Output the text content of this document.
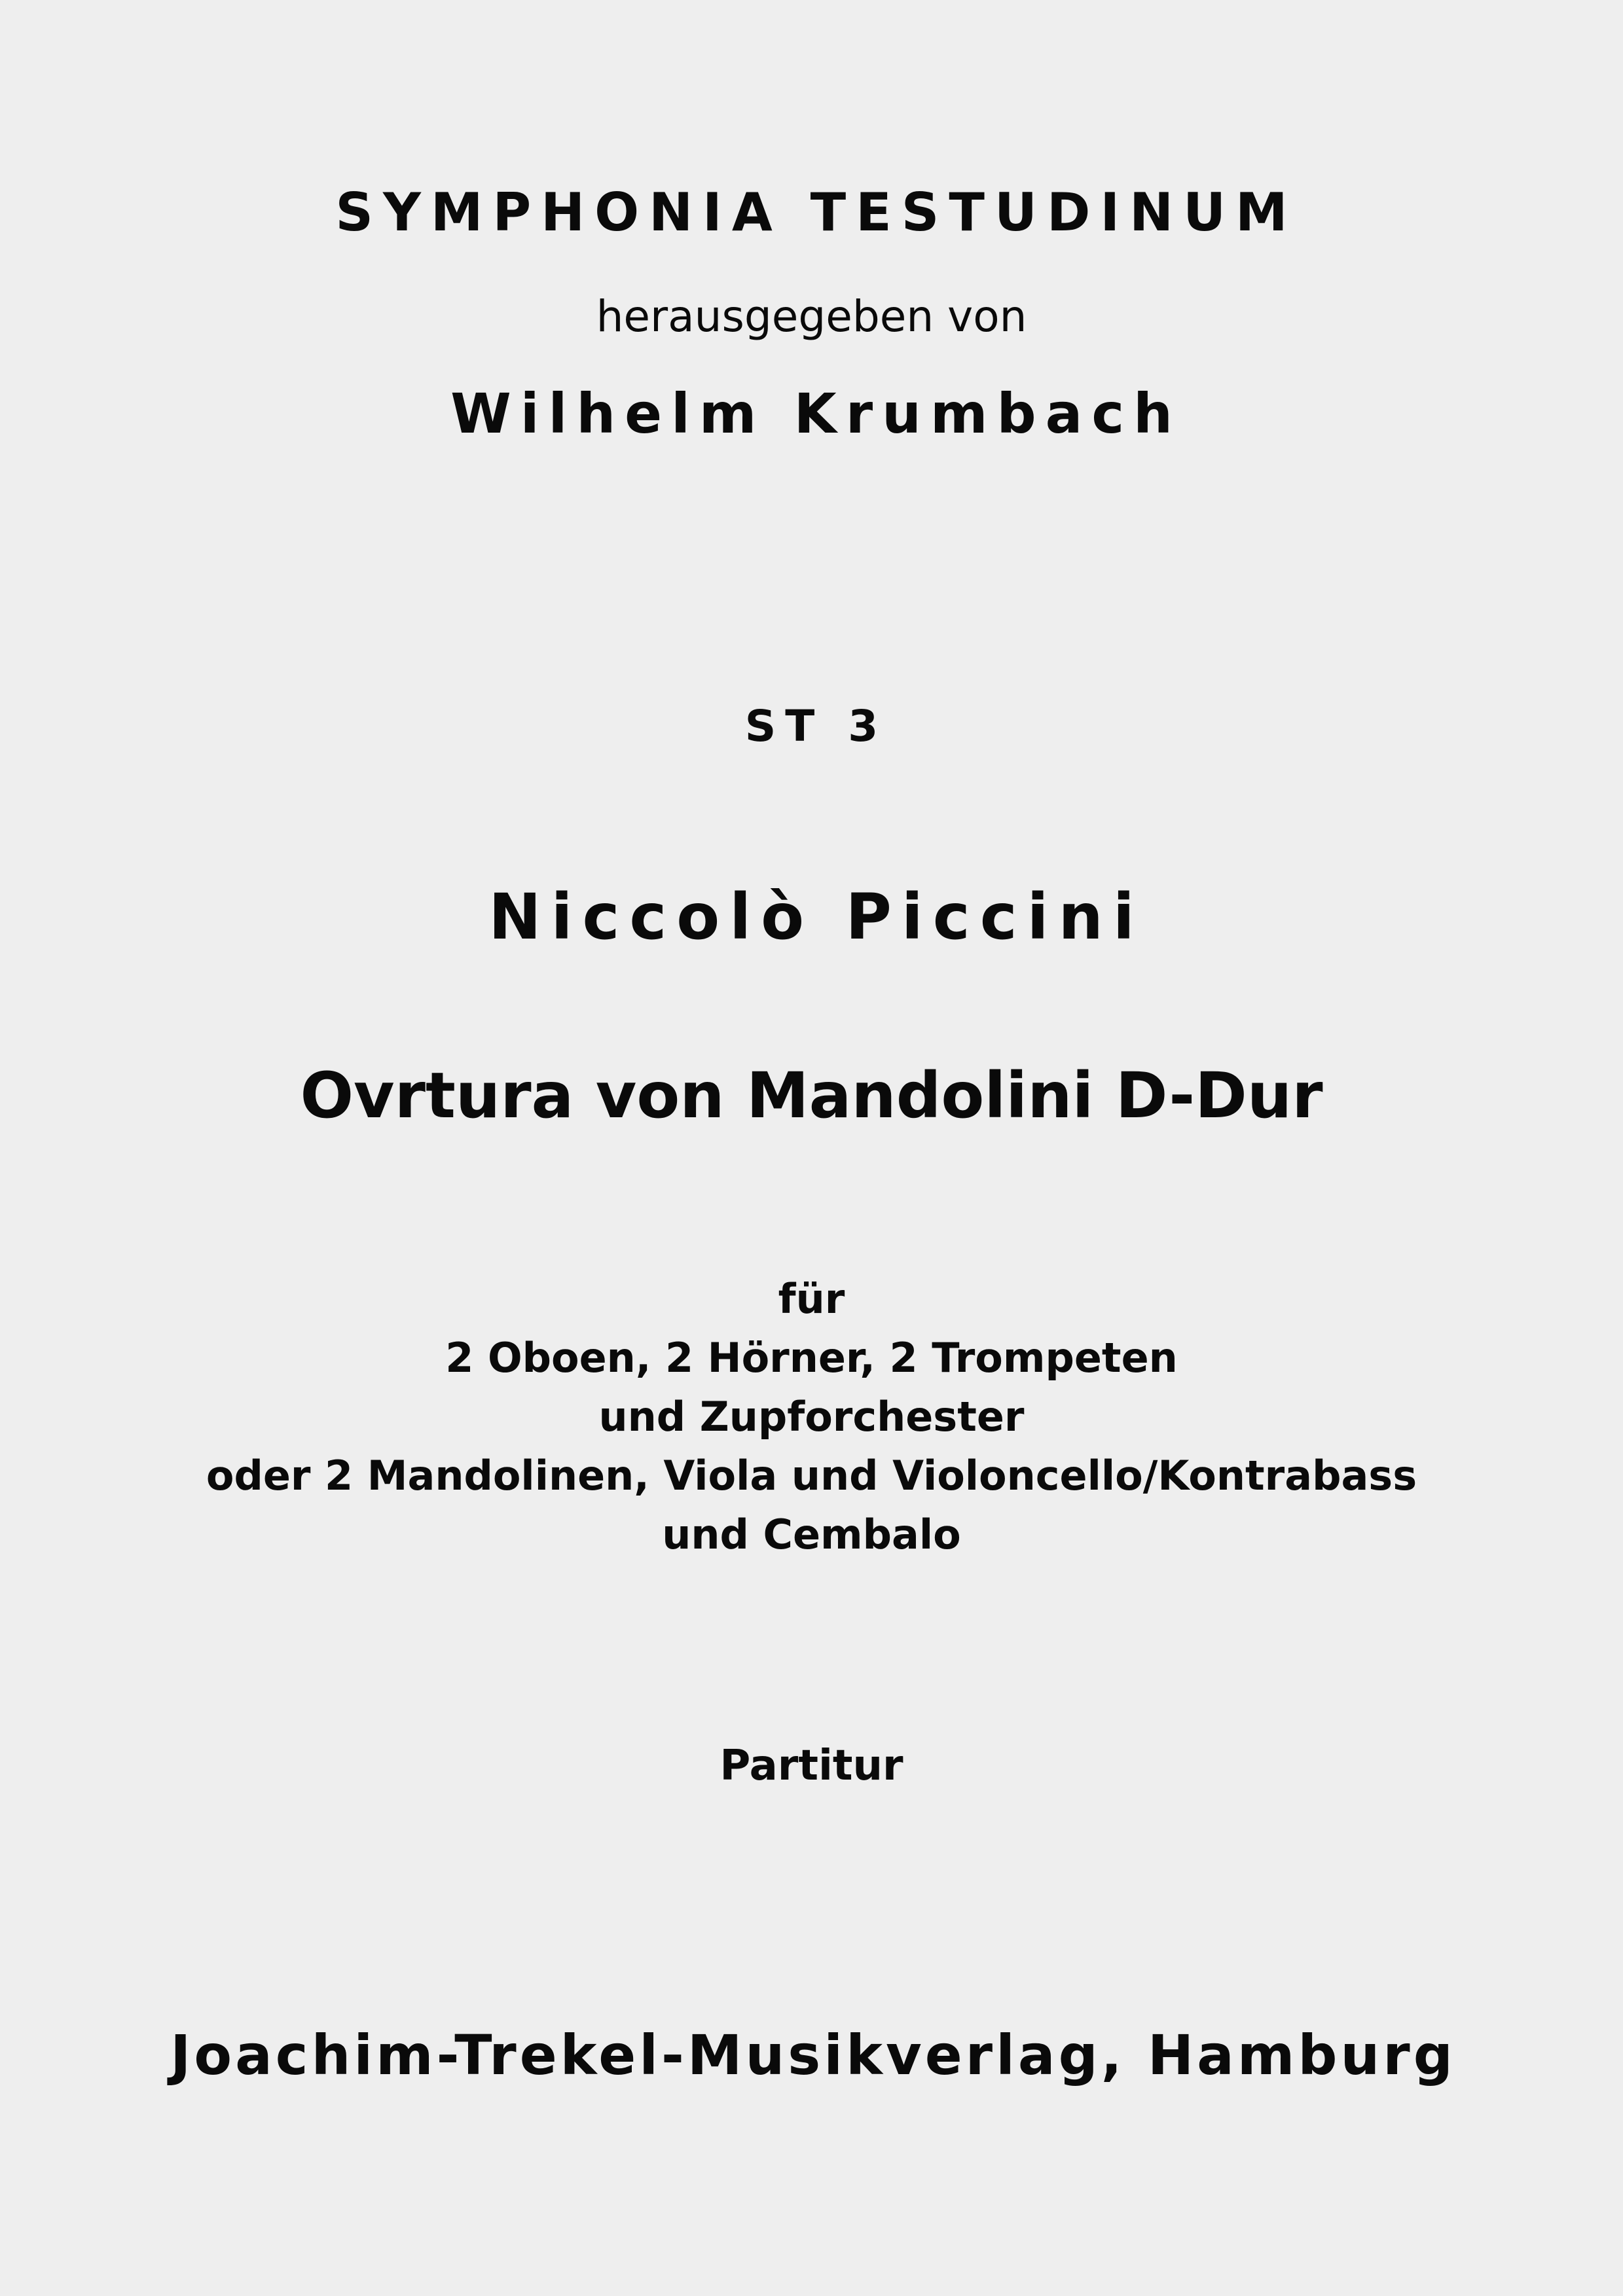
SYMPHONIA TESTUDINUM
herausgegeben von
Wilhelm Krumbach
ST 3
Niccolò Piccini
Ovrtura von Mandolini D-Dur
für
2 Oboen, 2 Hörner, 2 Trompeten
und Zupforchester
oder 2 Mandolinen, Viola und Violoncello/Kontrabass
und Cembalo
Partitur
Joachim-Trekel-Musikverlag, Hamburg
